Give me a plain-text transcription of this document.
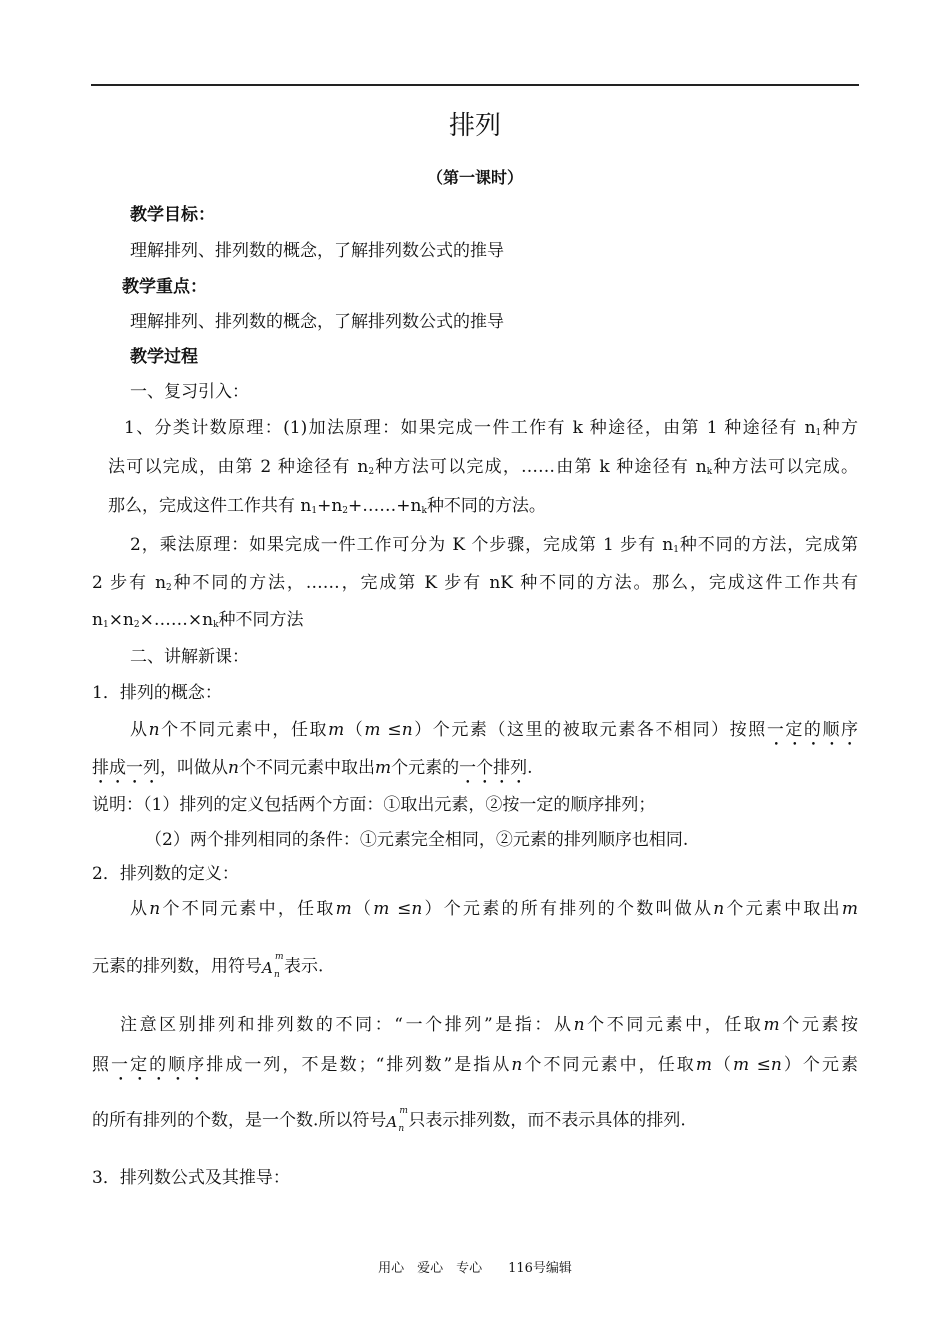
排列
（第一课时）
教学目标：
理解排列、排列数的概念，了解排列数公式的推导
教学重点：
理解排列、排列数的概念，了解排列数公式的推导
教学过程
一、复习引入：
1、分类计数原理：(1)加法原理：如果完成一件工作有 k 种途径，由第 1 种途径有 $n_1$种方
法可以完成，由第 2 种途径有 $n_2$种方法可以完成，……由第 k 种途径有 $n_k$种方法可以完成。
那么，完成这件工作共有 $n_1+n_2+\dots\dots+n_k$种不同的方法。
2，乘法原理：如果完成一件工作可分为 K 个步骤，完成第 1 步有 $n_1$种不同的方法，完成第
2 步有 $n_2$种不同的方法，……，完成第 K 步有 nK 种不同的方法。那么，完成这件工作共有
$n_1\times n_2\times\dots\dots\times n_k$种不同方法
二、讲解新课：
1．排列的概念：
从n个不同元素中，任取m（m ≤n）个元素（这里的被取元素各不相同）按照一定的顺序
排成一列，叫做从n个不同元素中取出m个元素的一个排列.
说明：（1）排列的定义包括两个方面：①取出元素，②按一定的顺序排列；
（2）两个排列相同的条件：①元素完全相同，②元素的排列顺序也相同.
2．排列数的定义：
从n个不同元素中，任取m（m ≤n）个元素的所有排列的个数叫做从n个元素中取出m
元素的排列数，用符号 A
m
n 表示.
注意区别排列和排列数的不同：“一个排列”是指：从n个不同元素中，任取m个元素按
照一定的顺序排成一列，不是数；“排列数”是指从n个不同元素中，任取m（m ≤n）个元素
的所有排列的个数，是一个数.所以符号 A
m
n 只表示排列数，而不表示具体的排列.
3．排列数公式及其推导：
用心　爱心　专心　　116号编辑
